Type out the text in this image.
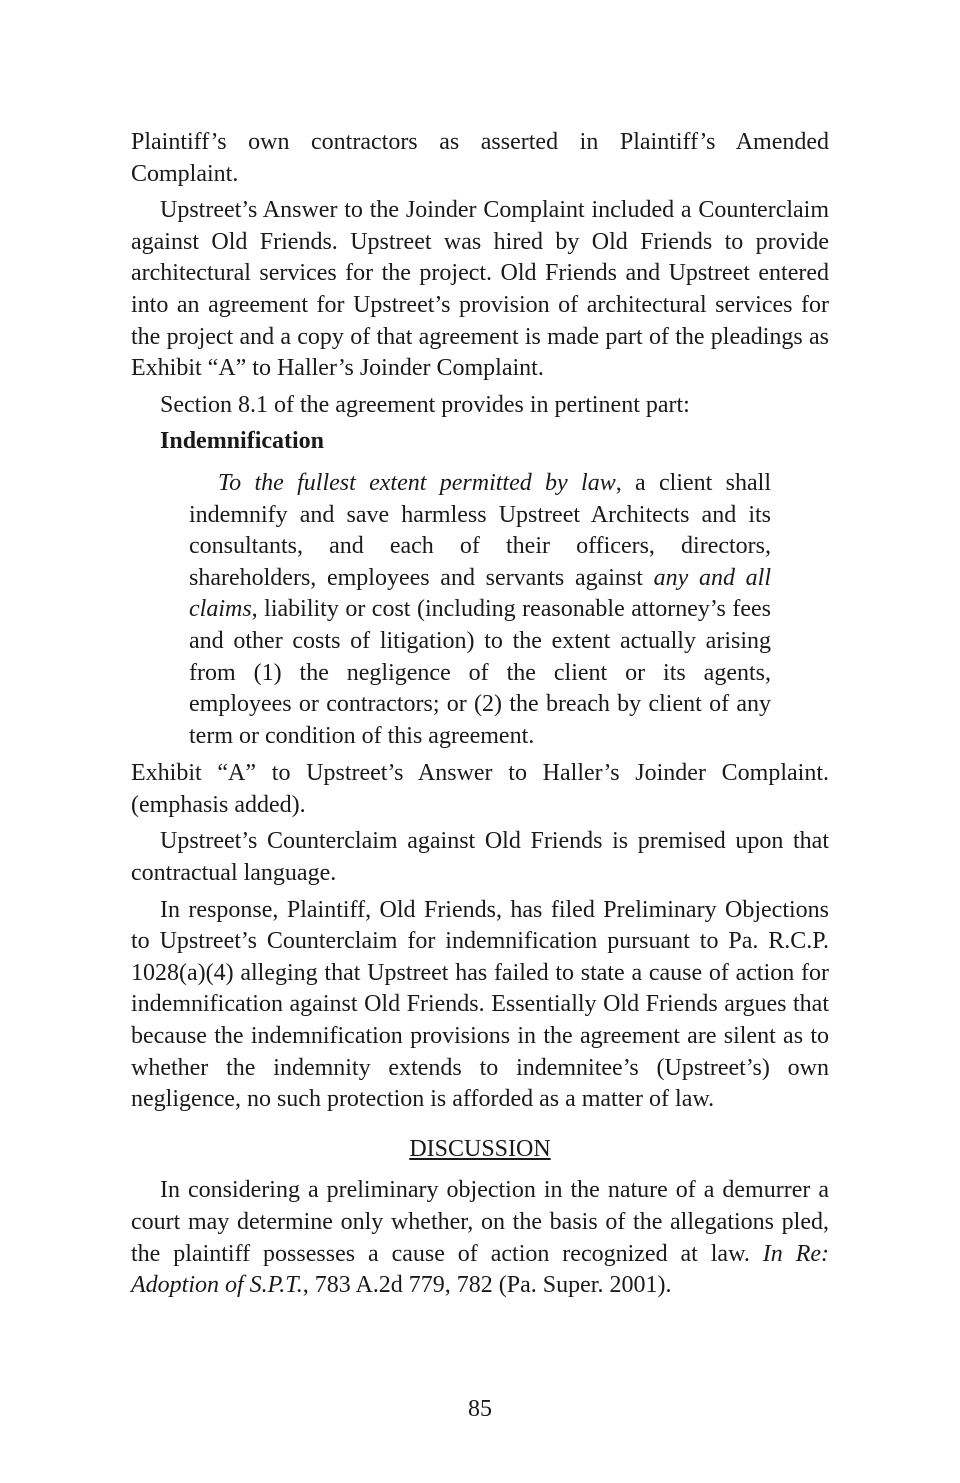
Plaintiff’s own contractors as asserted in Plaintiff’s Amended Complaint.

Upstreet’s Answer to the Joinder Complaint included a Counterclaim against Old Friends. Upstreet was hired by Old Friends to provide architectural services for the project. Old Friends and Upstreet entered into an agreement for Upstreet’s provision of architectural services for the project and a copy of that agreement is made part of the pleadings as Exhibit “A” to Haller’s Joinder Complaint.

Section 8.1 of the agreement provides in pertinent part:

Indemnification

To the fullest extent permitted by law, a client shall indemnify and save harmless Upstreet Architects and its consultants, and each of their officers, directors, shareholders, employees and servants against any and all claims, liability or cost (including reasonable attorney’s fees and other costs of litigation) to the extent actually arising from (1) the negligence of the client or its agents, employees or contractors; or (2) the breach by client of any term or condition of this agreement.

Exhibit “A” to Upstreet’s Answer to Haller’s Joinder Complaint. (emphasis added).

Upstreet’s Counterclaim against Old Friends is premised upon that contractual language.

In response, Plaintiff, Old Friends, has filed Preliminary Objections to Upstreet’s Counterclaim for indemnification pursuant to Pa. R.C.P. 1028(a)(4) alleging that Upstreet has failed to state a cause of action for indemnification against Old Friends. Essentially Old Friends argues that because the indemnification provisions in the agreement are silent as to whether the indemnity extends to indemnitee’s (Upstreet’s) own negligence, no such protection is afforded as a matter of law.

DISCUSSION

In considering a preliminary objection in the nature of a demurrer a court may determine only whether, on the basis of the allegations pled, the plaintiff possesses a cause of action recognized at law. In Re: Adoption of S.P.T., 783 A.2d 779, 782 (Pa. Super. 2001).

85
